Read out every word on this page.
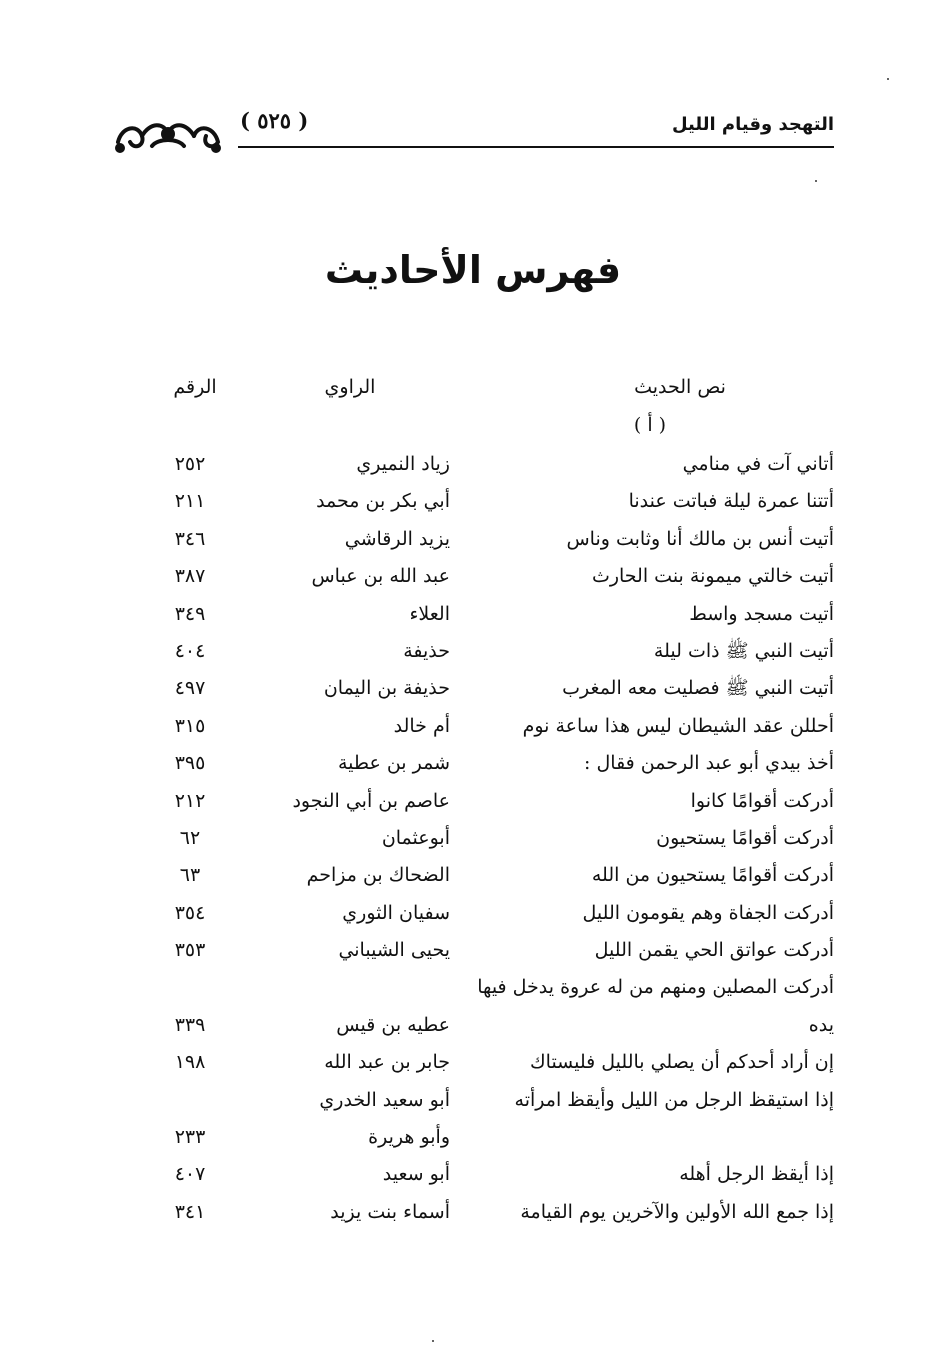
( ٥٢٥ )	التهجد وقيام الليل
فهرس الأحاديث
نص الحديث
الراوي
الرقم
( أ )
أتاني آت في منامي
زياد النميري
٢٥٢
أتتنا عمرة ليلة فباتت عندنا
أبي بكر بن محمد
٢١١
أتيت أنس بن مالك أنا وثابت وناس
يزيد الرقاشي
٣٤٦
أتيت خالتي ميمونة بنت الحارث
عبد الله بن عباس
٣٨٧
أتيت مسجد واسط
العلاء
٣٤٩
أتيت النبي ﷺ ذات ليلة
حذيفة
٤٠٤
أتيت النبي ﷺ فصليت معه المغرب
حذيفة بن اليمان
٤٩٧
أحللن عقد الشيطان ليس هذا ساعة نوم
أم خالد
٣١٥
أخذ بيدي أبو عبد الرحمن فقال :
شمر بن عطية
٣٩٥
أدركت أقوامًا كانوا
عاصم بن أبي النجود
٢١٢
أدركت أقوامًا يستحيون
أبوعثمان
٦٢
أدركت أقوامًا يستحيون من الله
الضحاك بن مزاحم
٦٣
أدركت الجفاة وهم يقومون الليل
سفيان الثوري
٣٥٤
أدركت عواتق الحي يقمن الليل
يحيى الشيباني
٣٥٣
أدركت المصلين ومنهم من له عروة يدخل فيها
يده
عطيه بن قيس
٣٣٩
إن أراد أحدكم أن يصلي بالليل فليستاك
جابر بن عبد الله
١٩٨
إذا استيقظ الرجل من الليل وأيقظ امرأته
أبو سعيد الخدري
وأبو هريرة
٢٣٣
إذا أيقظ الرجل أهله
أبو سعيد
٤٠٧
إذا جمع الله الأولين والآخرين يوم القيامة
أسماء بنت يزيد
٣٤١
